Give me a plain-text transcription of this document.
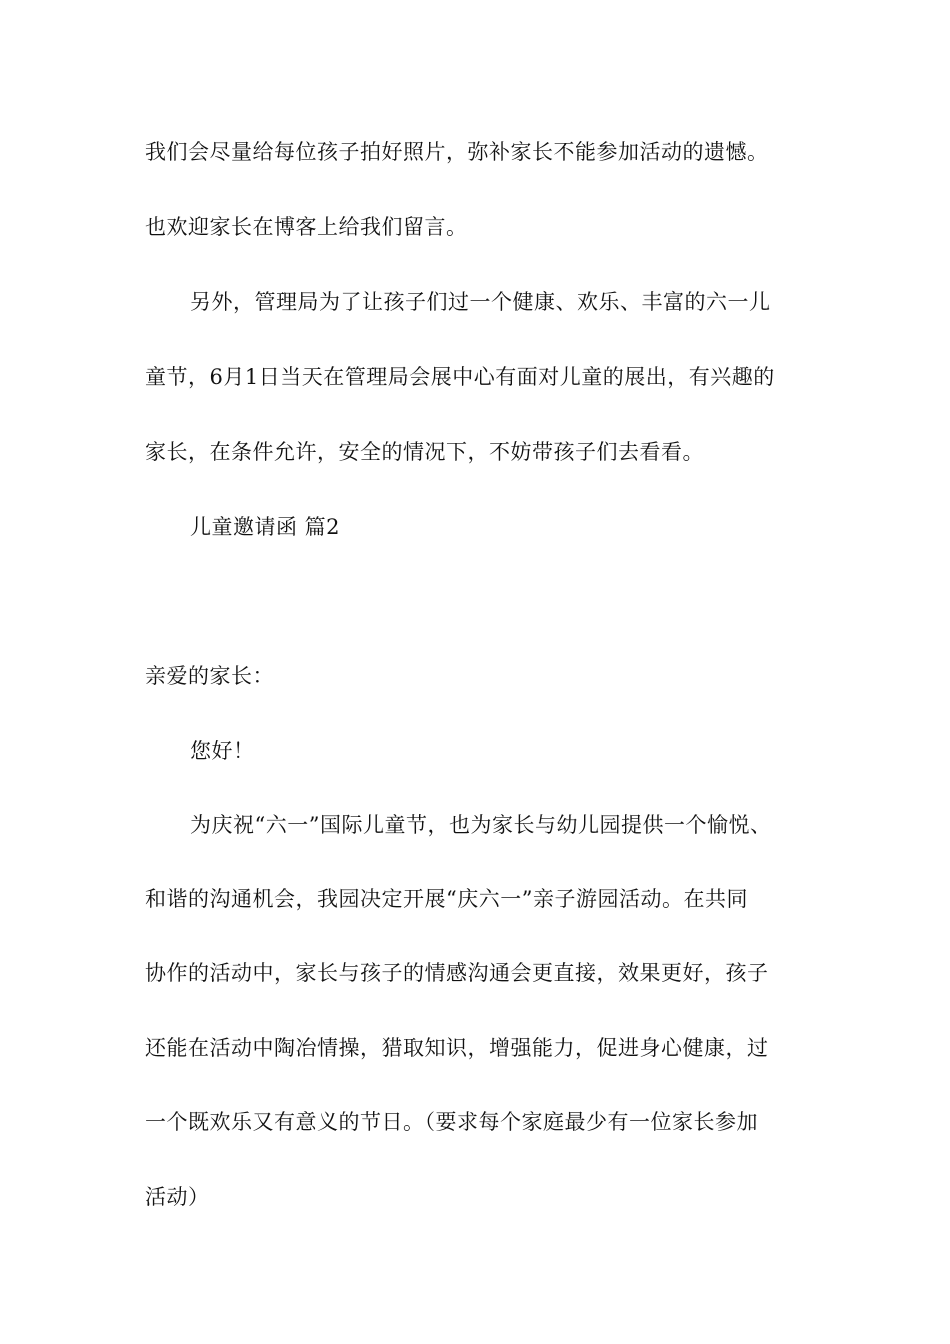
我们会尽量给每位孩子拍好照片，弥补家长不能参加活动的遗憾。
也欢迎家长在博客上给我们留言。
另外，管理局为了让孩子们过一个健康、欢乐、丰富的六一儿
童节，6月1日当天在管理局会展中心有面对儿童的展出，有兴趣的
家长，在条件允许，安全的情况下，不妨带孩子们去看看。
儿童邀请函 篇2
亲爱的家长：
您好！
为庆祝“六一”国际儿童节，也为家长与幼儿园提供一个愉悦、
和谐的沟通机会，我园决定开展“庆六一”亲子游园活动。在共同
协作的活动中，家长与孩子的情感沟通会更直接，效果更好，孩子
还能在活动中陶冶情操，猎取知识，增强能力，促进身心健康，过
一个既欢乐又有意义的节日。（要求每个家庭最少有一位家长参加
活动）
